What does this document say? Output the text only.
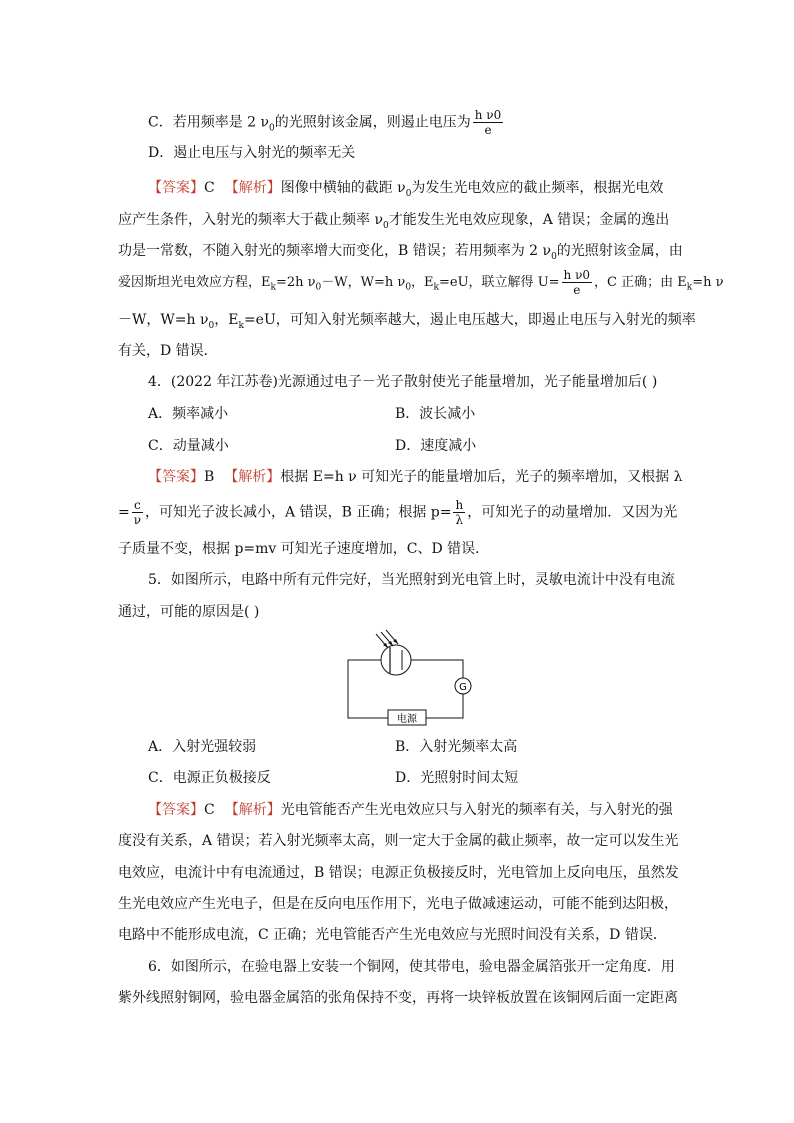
C．若用频率是 2 $\nu_0$的光照射该金属，则遏止电压为 $\frac{\text{h ν0}}{e}$
D．遏止电压与入射光的频率无关
【答案】C 【解析】图像中横轴的截距 $\nu_0$为发生光电效应的截止频率，根据光电效
应产生条件，入射光的频率大于截止频率 $\nu_0$才能发生光电效应现象，A 错误；金属的逸出
功是一常数，不随入射光的频率增大而变化，B 错误；若用频率为 2 $\nu_0$的光照射该金属，由
爱因斯坦光电效应方程，$E_k=2h$ $\nu_0-W$，W=h $\nu_0$，$E_k=eU$，联立解得 $U= \frac{\text{h ν0}}{e}$ ，C 正确；由 $E_k=h$ ν
－W，W=h $\nu_0$，$E_k=eU$，可知入射光频率越大，遏止电压越大，即遏止电压与入射光的频率
有关，D 错误．
4．(2022 年江苏卷)光源通过电子－光子散射使光子能量增加，光子能量增加后( )
A．频率减小	B．波长减小
C．动量减小	D．速度减小
【答案】B 【解析】根据 E=h ν 可知光子的能量增加后，光子的频率增加，又根据 λ
= $\frac{c}{\nu}$ ，可知光子波长减小，A 错误，B 正确；根据 $p= \frac{h}{\lambda}$ ，可知光子的动量增加．又因为光
子质量不变，根据 p=mv 可知光子速度增加，C、D 错误．
5．如图所示，电路中所有元件完好，当光照射到光电管上时，灵敏电流计中没有电流
通过，可能的原因是( )
G
电源
A．入射光强较弱	B．入射光频率太高
C．电源正负极接反	D．光照射时间太短
【答案】C 【解析】光电管能否产生光电效应只与入射光的频率有关，与入射光的强
度没有关系，A 错误；若入射光频率太高，则一定大于金属的截止频率，故一定可以发生光
电效应，电流计中有电流通过，B 错误；电源正负极接反时，光电管加上反向电压，虽然发
生光电效应产生光电子，但是在反向电压作用下，光电子做减速运动，可能不能到达阳极，
电路中不能形成电流，C 正确；光电管能否产生光电效应与光照时间没有关系，D 错误．
6．如图所示，在验电器上安装一个铜网，使其带电，验电器金属箔张开一定角度．用
紫外线照射铜网，验电器金属箔的张角保持不变，再将一块锌板放置在该铜网后面一定距离
